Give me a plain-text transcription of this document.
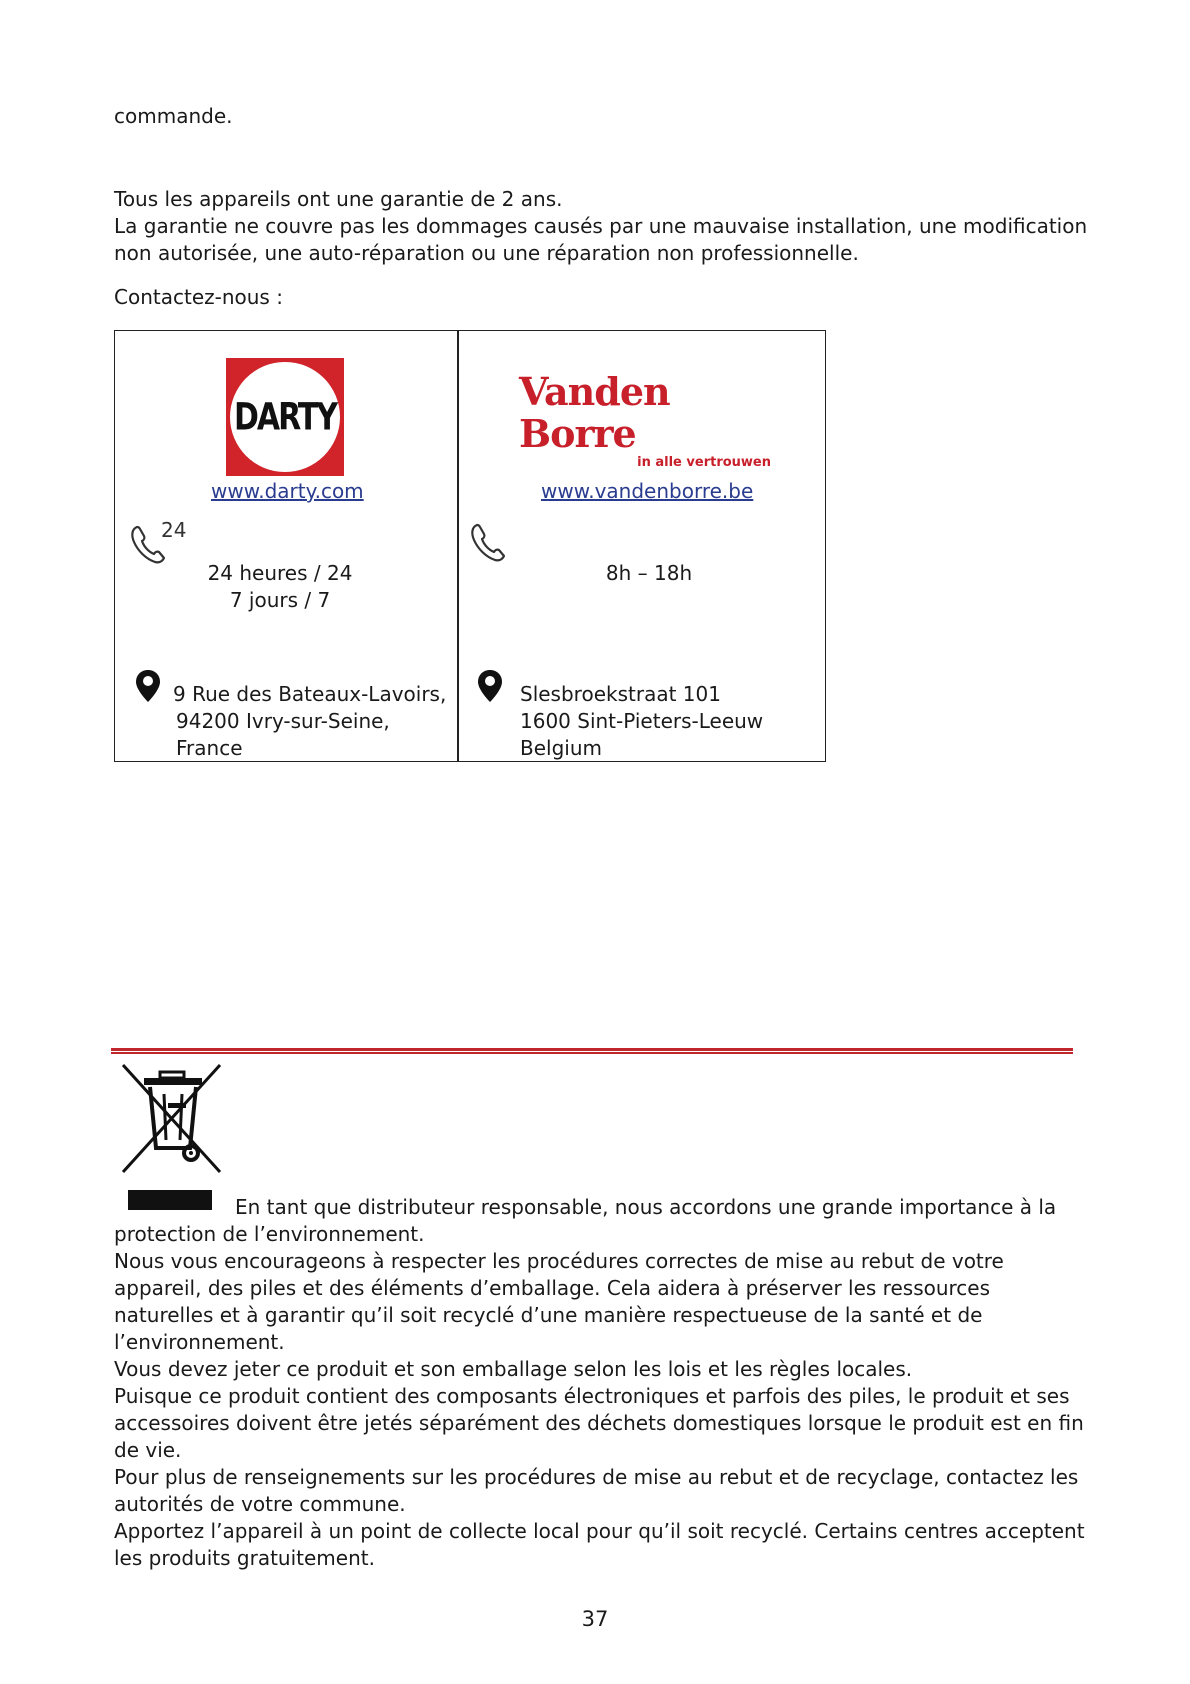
commande.

Tous les appareils ont une garantie de 2 ans.
La garantie ne couvre pas les dommages causés par une mauvaise installation, une modification non autorisée, une auto-réparation ou une réparation non professionnelle.

Contactez-nous :

DARTY
www.darty.com
24
24 heures / 24
7 jours / 7
9 Rue des Bateaux-Lavoirs,
94200 Ivry-sur-Seine,
France
Vanden Borre
in alle vertrouwen
www.vandenborre.be
8h – 18h
Slesbroekstraat 101
1600 Sint-Pieters-Leeuw
Belgium

En tant que distributeur responsable, nous accordons une grande importance à la protection de l’environnement.
Nous vous encourageons à respecter les procédures correctes de mise au rebut de votre appareil, des piles et des éléments d’emballage. Cela aidera à préserver les ressources naturelles et à garantir qu’il soit recyclé d’une manière respectueuse de la santé et de l’environnement.

Vous devez jeter ce produit et son emballage selon les lois et les règles locales.
Puisque ce produit contient des composants électroniques et parfois des piles, le produit et ses accessoires doivent être jetés séparément des déchets domestiques lorsque le produit est en fin de vie.

Pour plus de renseignements sur les procédures de mise au rebut et de recyclage, contactez les autorités de votre commune.
Apportez l’appareil à un point de collecte local pour qu’il soit recyclé. Certains centres acceptent les produits gratuitement.

37
